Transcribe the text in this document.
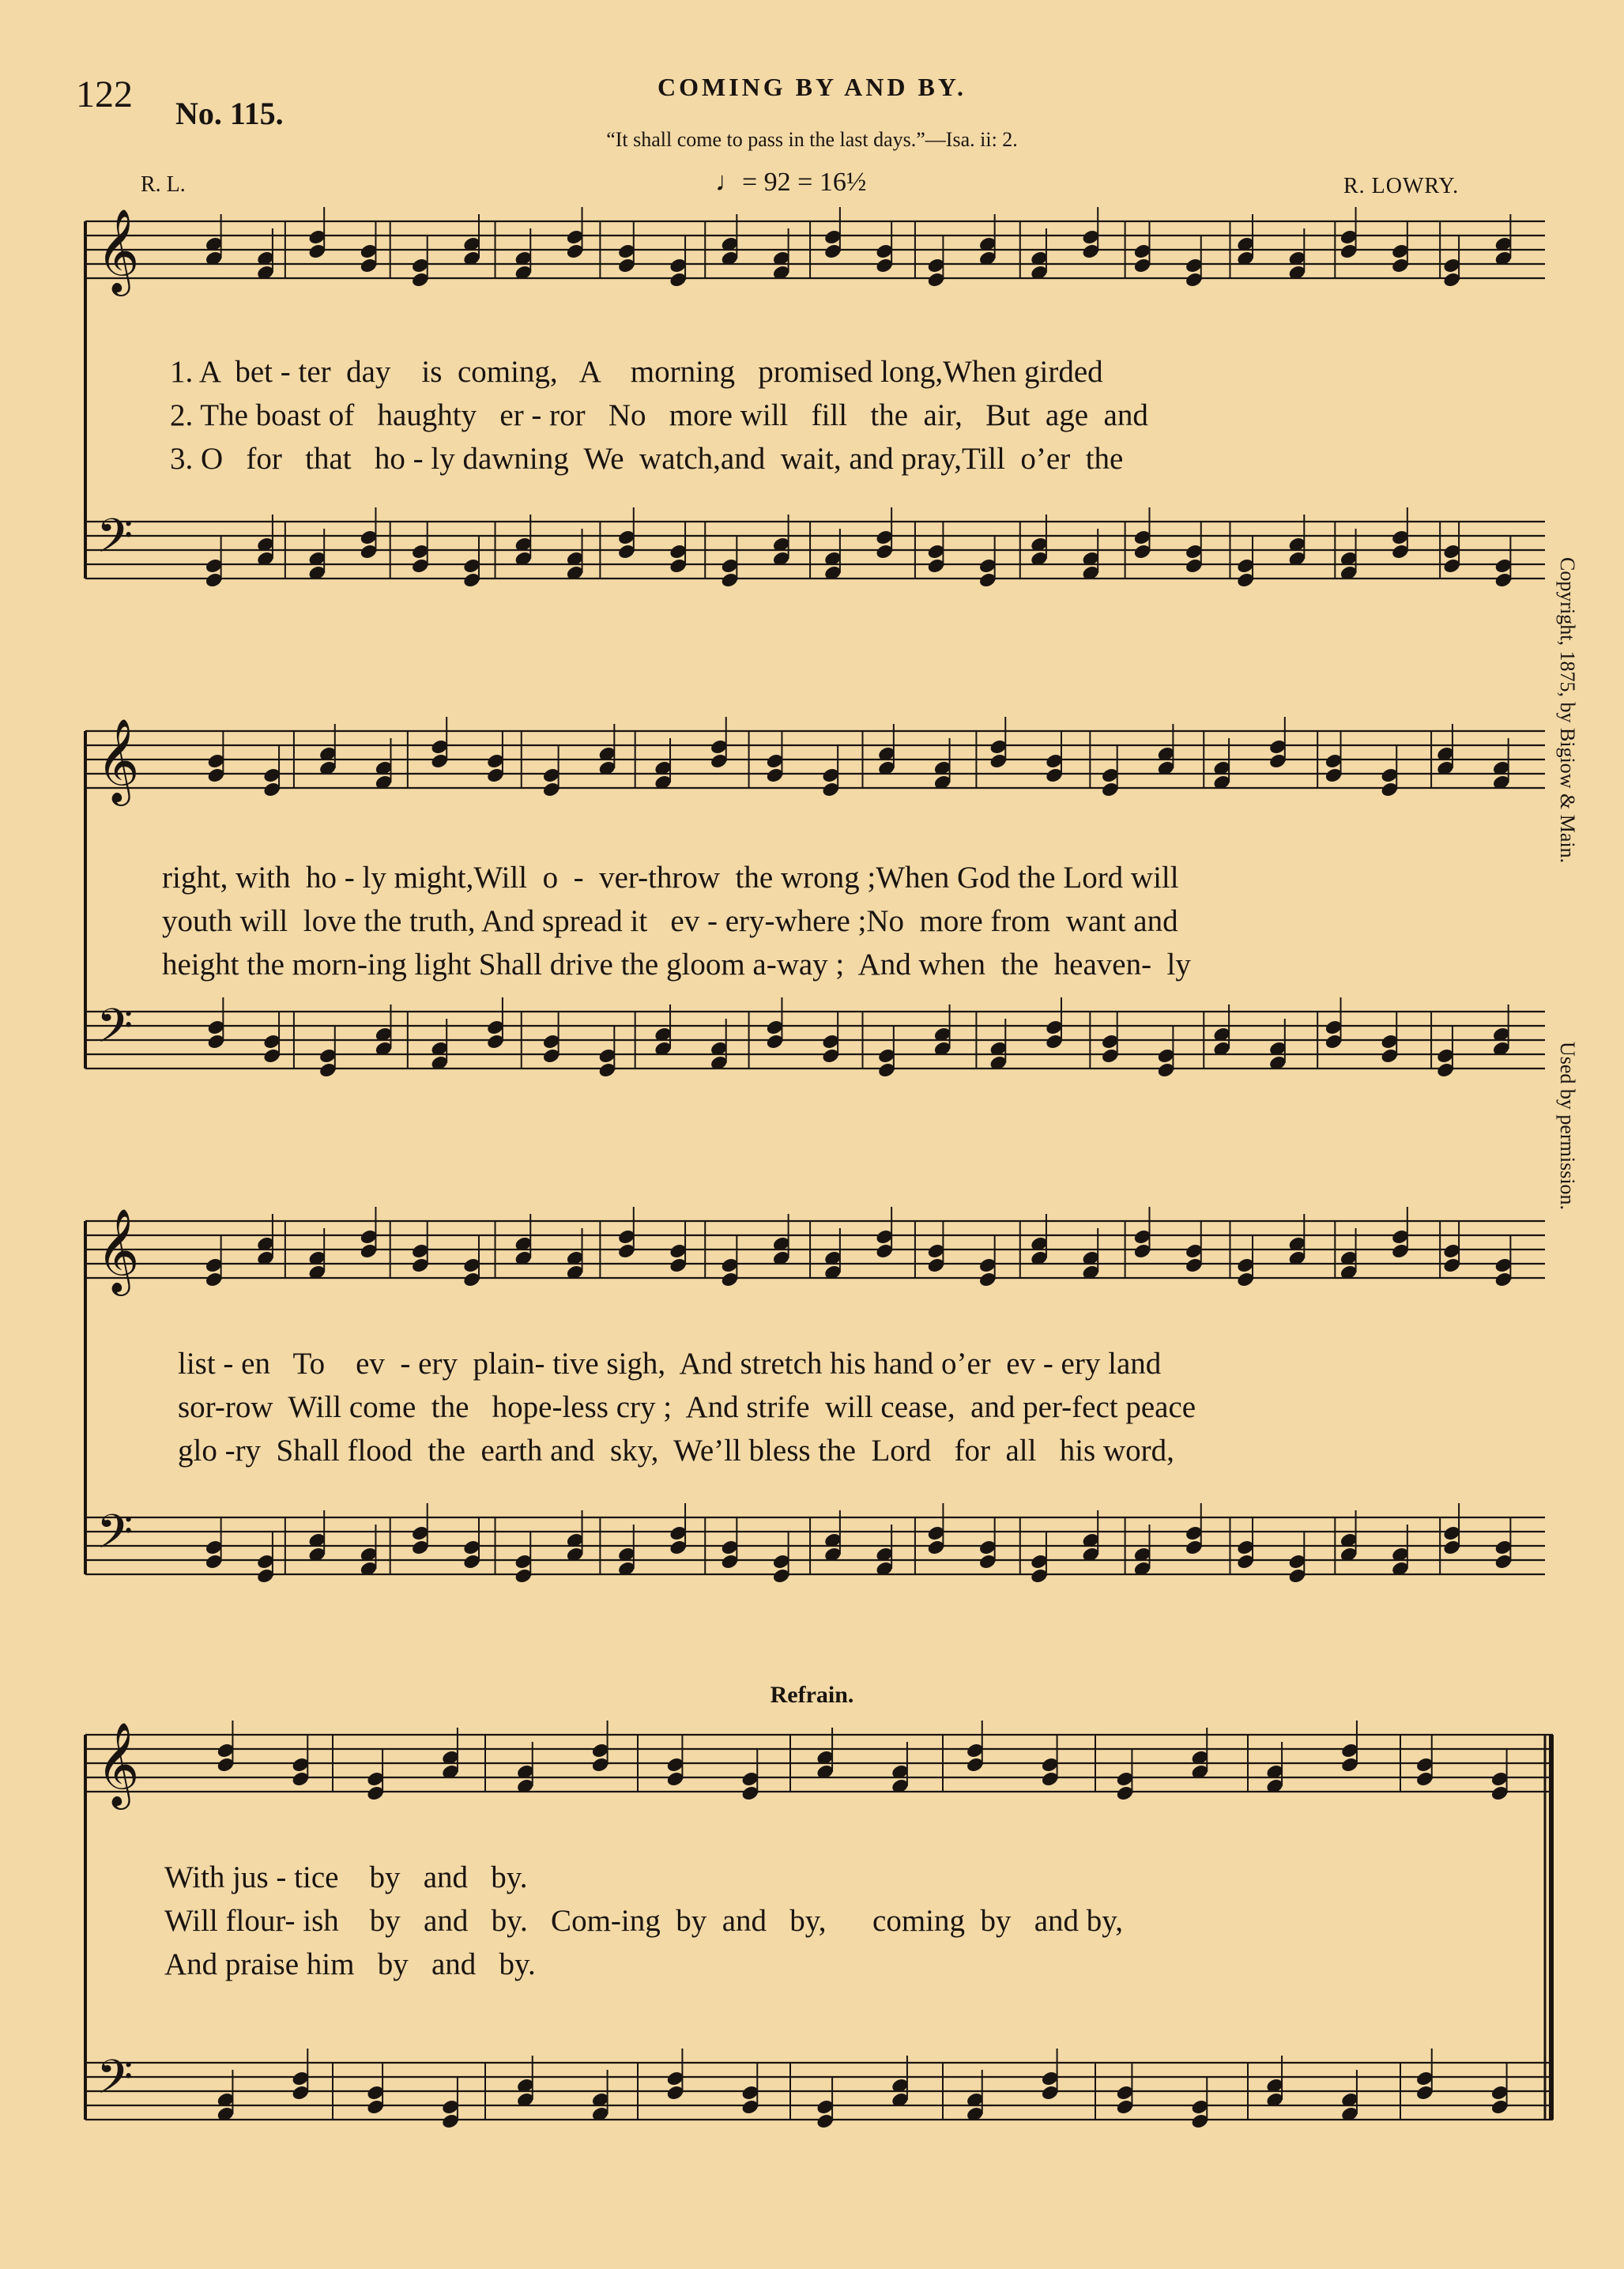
122 No. 115.
COMING BY AND BY.
“It shall come to pass in the last days.”—Isa. ii: 2.
R. L.	♩= 92 = 16½	R. LOWRY.
Refrain.
Copyright, 1875, by Bigiow & Main.
Used by permission.
𝄞
𝄢
1. A  bet - ter  day    is  coming,   A    morning   promised long,When girded
2. The boast of   haughty   er - ror   No   more will   fill   the  air,   But  age  and
3. O   for   that   ho - ly dawning  We  watch,and  wait, and pray,Till  o’er  the
𝄞
𝄢
right, with  ho - ly might,Will  o  -  ver-throw  the wrong ;When God the Lord will
youth will  love the truth, And spread it   ev - ery-where ;No  more from  want and
height the morn-ing light Shall drive the gloom a-way ;  And when  the  heaven-  ly
𝄞
𝄢
list - en   To    ev  - ery  plain- tive sigh,  And stretch his hand o’er  ev - ery land
sor-row  Will come  the   hope-less cry ;  And strife  will cease,  and per-fect peace
glo -ry  Shall flood  the  earth and  sky,  We’ll bless the  Lord   for  all   his word,
𝄞
𝄢
With jus - tice    by   and   by.
Will flour- ish    by   and   by.   Com-ing  by  and   by,      coming  by   and by,
And praise him   by   and   by.
